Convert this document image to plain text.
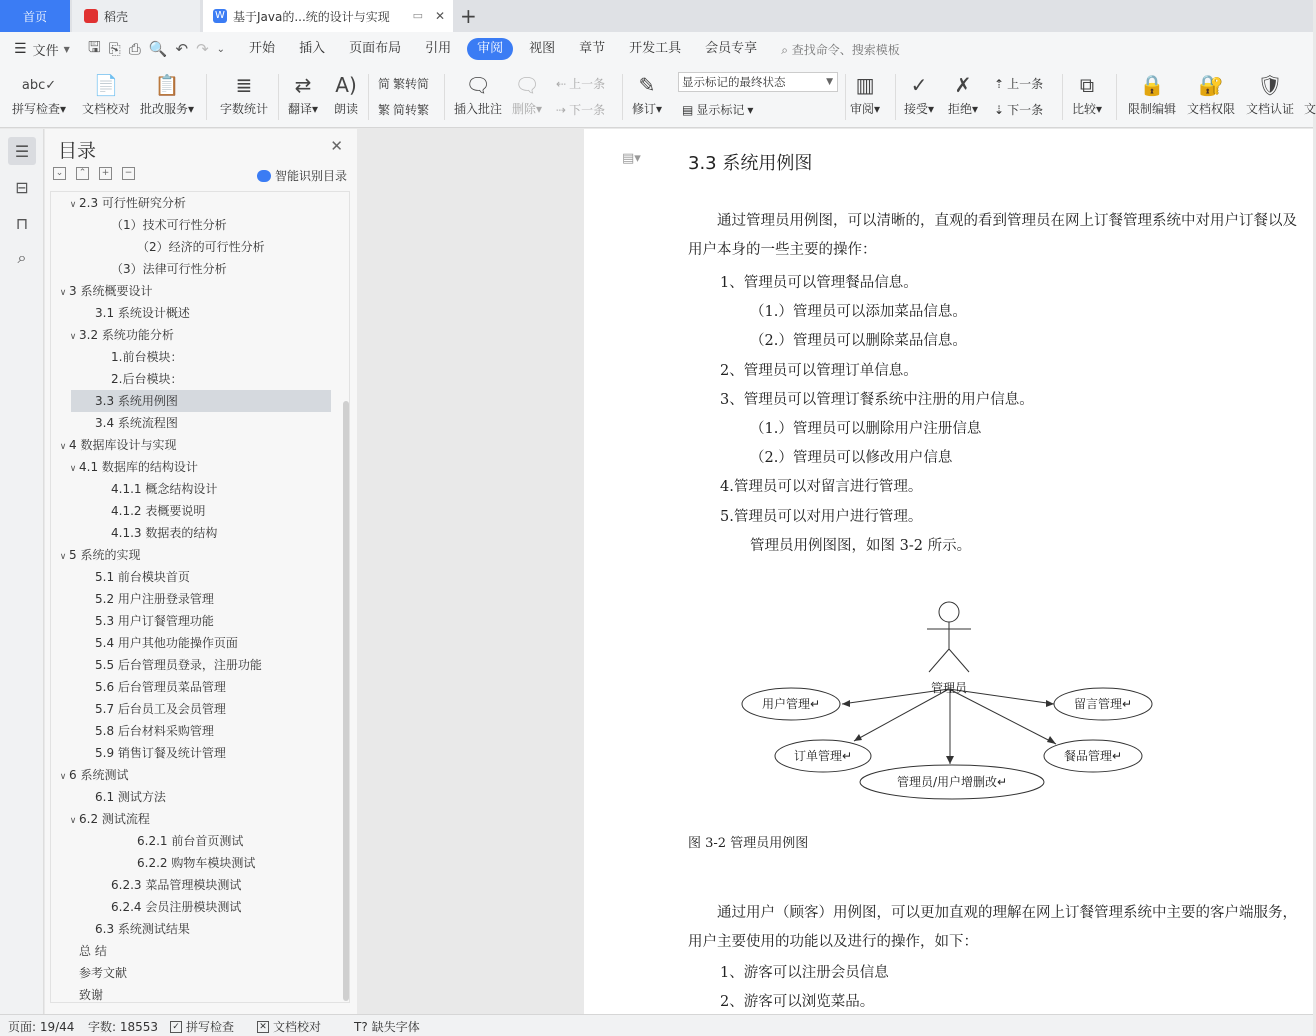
首页	稻壳	W 基于Java的...统的设计与实现 ▭ ✕ +
☰ 文件 ▼ 🖫 ⎘ ⎙ 🔍 ↶ ↷ ⌄	开始	插入	页面布局	引用	审阅	视图	章节	开发工具	会员专享	⌕ 查找命令、搜索模板
abc✓
拼写检查▾
📄
文档校对
📋
批改服务▾
≣
字数统计
⇄
翻译▾
A)
朗读
简 繁转简
繁 简转繁
🗨
插入批注
🗨
删除▾
⇠ 上一条
⇢ 下一条
✎
修订▾ ▤ 显示标记 ▾
▥
审阅▾
✓
接受▾
✗
拒绝▾
⇡ 上一条
⇣ 下一条
⧉
比较▾
🔒
限制编辑
🔐
文档权限
🛡
文档认证 文
显示标记的最终状态	▼
☰
⊟
⊓
⌕
目录	✕
⌄	⌃	+	−	智能识别目录
∨ 2.3 可行性研究分析
（1）技术可行性分析
（2）经济的可行性分析
（3）法律可行性分析
∨ 3 系统概要设计
3.1 系统设计概述
∨ 3.2 系统功能分析
1.前台模块：
2.后台模块：
3.3 系统用例图
3.4 系统流程图
∨ 4 数据库设计与实现
∨ 4.1 数据库的结构设计
4.1.1 概念结构设计
4.1.2 表概要说明
4.1.3 数据表的结构
∨ 5 系统的实现
5.1 前台模块首页
5.2 用户注册登录管理
5.3 用户订餐管理功能
5.4 用户其他功能操作页面
5.5 后台管理员登录，注册功能
5.6 后台管理员菜品管理
5.7 后台员工及会员管理
5.8 后台材料采购管理
5.9 销售订餐及统计管理
∨ 6 系统测试
6.1 测试方法
∨ 6.2 测试流程
6.2.1 前台首页测试
6.2.2 购物车模块测试
6.2.3 菜品管理模块测试
6.2.4 会员注册模块测试
6.3 系统测试结果
总 结
参考文献
致谢
▤▾	3.3 系统用例图
通过管理员用例图，可以清晰的，直观的看到管理员在网上订餐管理系统中对用户订餐以及用户本身的一些主要的操作：
1、管理员可以管理餐品信息。
（1.）管理员可以添加菜品信息。
（2.）管理员可以删除菜品信息。
2、管理员可以管理订单信息。
3、管理员可以管理订餐系统中注册的用户信息。
（1.）管理员可以删除用户注册信息
（2.）管理员可以修改用户信息
4.管理员可以对留言进行管理。
5.管理员可以对用户进行管理。
管理员用例图图，如图 3-2 所示。
管理员
用户管理↵	留言管理↵
订单管理↵	餐品管理↵
管理员/用户增删改↵
图 3-2 管理员用例图
通过用户（顾客）用例图，可以更加直观的理解在网上订餐管理系统中主要的客户端服务，用户主要使用的功能以及进行的操作，如下：
1、游客可以注册会员信息
2、游客可以浏览菜品。
页面: 19/44 字数: 18553 ✓ 拼写检查	✕ 文档校对	T? 缺失字体
